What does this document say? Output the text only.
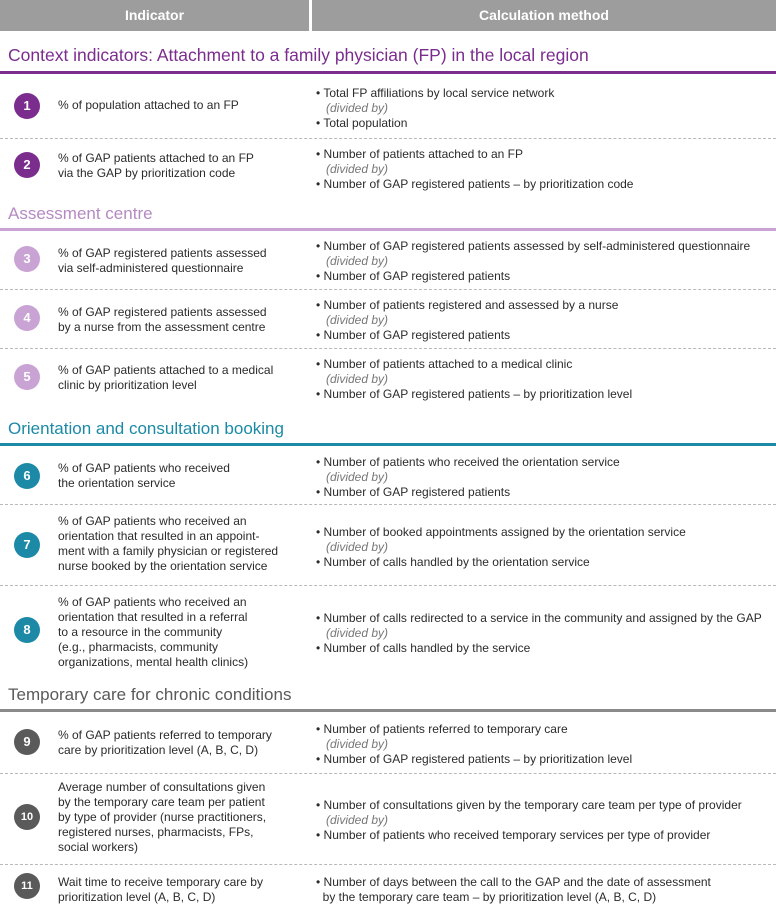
Indicator	Calculation method
Context indicators: Attachment to a family physician (FP) in the local region
Assessment centre
Orientation and consultation booking
Temporary care for chronic conditions
1	% of population attached to an FP
• Total FP affiliations by local service network
(divided by)
• Total population
2	% of GAP patients attached to an FP
via the GAP by prioritization code
• Number of patients attached to an FP
(divided by)
• Number of GAP registered patients – by prioritization code
3	% of GAP registered patients assessed
via self-administered questionnaire
• Number of GAP registered patients assessed by self-administered questionnaire
(divided by)
• Number of GAP registered patients
4	% of GAP registered patients assessed
by a nurse from the assessment centre
• Number of patients registered and assessed by a nurse
(divided by)
• Number of GAP registered patients
5	% of GAP patients attached to a medical
clinic by prioritization level
• Number of patients attached to a medical clinic
(divided by)
• Number of GAP registered patients – by prioritization level
6	% of GAP patients who received
the orientation service
• Number of patients who received the orientation service
(divided by)
• Number of GAP registered patients
7
% of GAP patients who received an
orientation that resulted in an appoint-
ment with a family physician or registered
nurse booked by the orientation service
• Number of booked appointments assigned by the orientation service
(divided by)
• Number of calls handled by the orientation service
8
% of GAP patients who received an
orientation that resulted in a referral
to a resource in the community
(e.g., pharmacists, community
organizations, mental health clinics)
• Number of calls redirected to a service in the community and assigned by the GAP
(divided by)
• Number of calls handled by the service
9	% of GAP patients referred to temporary
care by prioritization level (A, B, C, D)
• Number of patients referred to temporary care
(divided by)
• Number of GAP registered patients – by prioritization level
10
Average number of consultations given
by the temporary care team per patient
by type of provider (nurse practitioners,
registered nurses, pharmacists, FPs,
social workers)
• Number of consultations given by the temporary care team per type of provider
(divided by)
• Number of patients who received temporary services per type of provider
11	Wait time to receive temporary care by
prioritization level (A, B, C, D)
• Number of days between the call to the GAP and the date of assessment
by the temporary care team – by prioritization level (A, B, C, D)
